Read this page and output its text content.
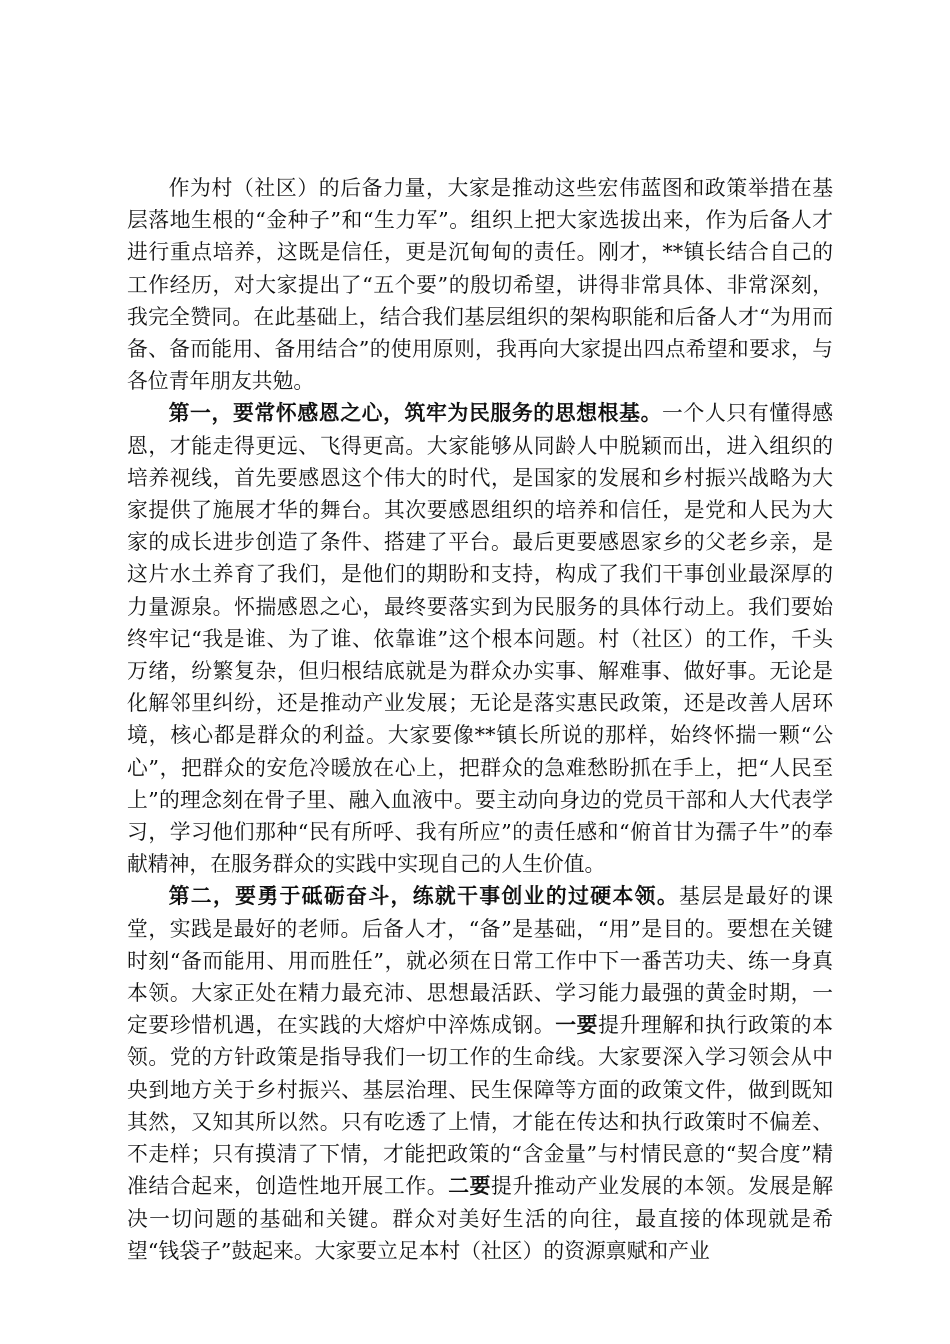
作为村（社区）的后备力量，大家是推动这些宏伟蓝图和政策举措在基层落地生根的“金种子”和“生力军”。组织上把大家选拔出来，作为后备人才进行重点培养，这既是信任，更是沉甸甸的责任。刚才，**镇长结合自己的工作经历，对大家提出了“五个要”的殷切希望，讲得非常具体、非常深刻，我完全赞同。在此基础上，结合我们基层组织的架构职能和后备人才“为用而备、备而能用、备用结合”的使用原则，我再向大家提出四点希望和要求，与各位青年朋友共勉。

第一，要常怀感恩之心，筑牢为民服务的思想根基。一个人只有懂得感恩，才能走得更远、飞得更高。大家能够从同龄人中脱颖而出，进入组织的培养视线，首先要感恩这个伟大的时代，是国家的发展和乡村振兴战略为大家提供了施展才华的舞台。其次要感恩组织的培养和信任，是党和人民为大家的成长进步创造了条件、搭建了平台。最后更要感恩家乡的父老乡亲，是这片水土养育了我们，是他们的期盼和支持，构成了我们干事创业最深厚的力量源泉。怀揣感恩之心，最终要落实到为民服务的具体行动上。我们要始终牢记“我是谁、为了谁、依靠谁”这个根本问题。村（社区）的工作，千头万绪，纷繁复杂，但归根结底就是为群众办实事、解难事、做好事。无论是化解邻里纠纷，还是推动产业发展；无论是落实惠民政策，还是改善人居环境，核心都是群众的利益。大家要像**镇长所说的那样，始终怀揣一颗“公心”，把群众的安危冷暖放在心上，把群众的急难愁盼抓在手上，把“人民至上”的理念刻在骨子里、融入血液中。要主动向身边的党员干部和人大代表学习，学习他们那种“民有所呼、我有所应”的责任感和“俯首甘为孺子牛”的奉献精神，在服务群众的实践中实现自己的人生价值。

第二，要勇于砥砺奋斗，练就干事创业的过硬本领。基层是最好的课堂，实践是最好的老师。后备人才，“备”是基础，“用”是目的。要想在关键时刻“备而能用、用而胜任”，就必须在日常工作中下一番苦功夫、练一身真本领。大家正处在精力最充沛、思想最活跃、学习能力最强的黄金时期，一定要珍惜机遇，在实践的大熔炉中淬炼成钢。一要提升理解和执行政策的本领。党的方针政策是指导我们一切工作的生命线。大家要深入学习领会从中央到地方关于乡村振兴、基层治理、民生保障等方面的政策文件，做到既知其然，又知其所以然。只有吃透了上情，才能在传达和执行政策时不偏差、不走样；只有摸清了下情，才能把政策的“含金量”与村情民意的“契合度”精准结合起来，创造性地开展工作。二要提升推动产业发展的本领。发展是解决一切问题的基础和关键。群众对美好生活的向往，最直接的体现就是希望“钱袋子”鼓起来。大家要立足本村（社区）的资源禀赋和产业
